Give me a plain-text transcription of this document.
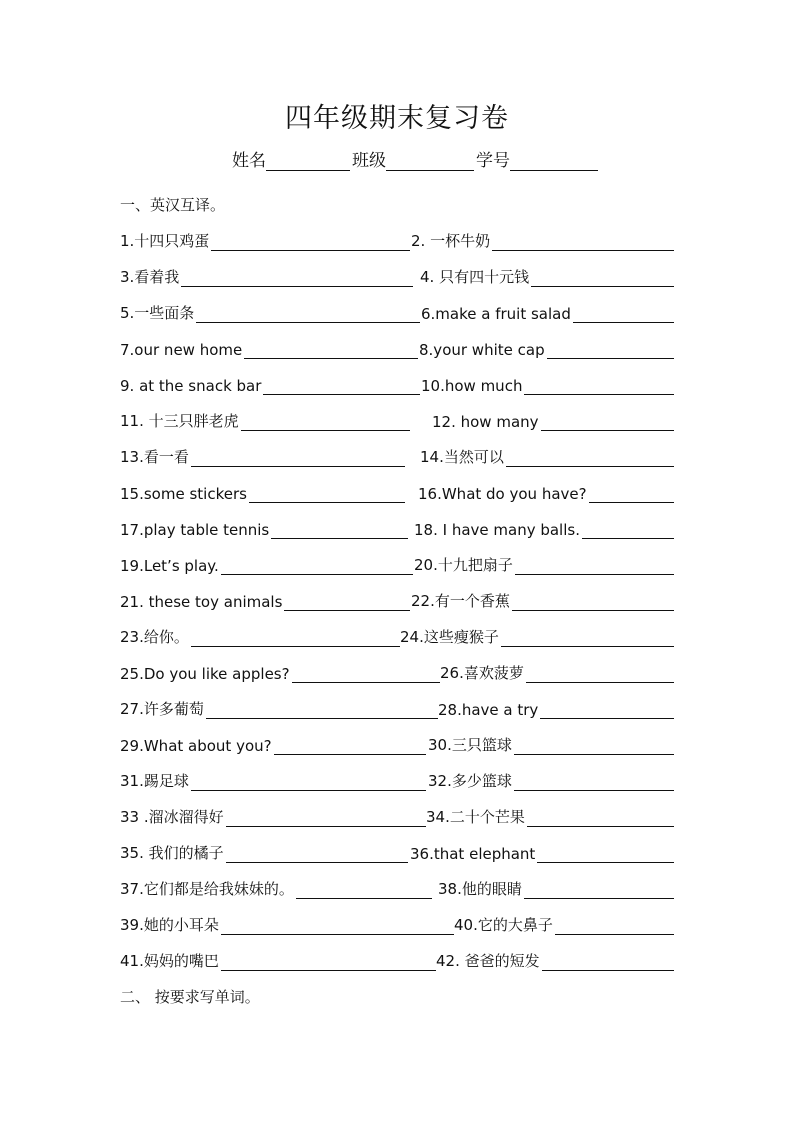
四年级期末复习卷
姓名	班级	学号
一、英汉互译。
1.十四只鸡蛋	2. 一杯牛奶
3.看着我	4. 只有四十元钱
5.一些面条	6.make a fruit salad
7.our new home	8.your white cap
9. at the snack bar	10.how much
11. 十三只胖老虎	12. how many
13.看一看	14.当然可以
15.some stickers	16.What do you have?
17.play table tennis	18. I have many balls.
19.Let’s play.	20.十九把扇子
21. these toy animals	22.有一个香蕉
23.给你。	24.这些瘦猴子
25.Do you like apples?	26.喜欢菠萝
27.许多葡萄	28.have a try
29.What about you?	30.三只篮球
31.踢足球	32.多少篮球
33 .溜冰溜得好	34.二十个芒果
35. 我们的橘子	36.that elephant
37.它们都是给我妹妹的。	38.他的眼睛
39.她的小耳朵	40.它的大鼻子
41.妈妈的嘴巴	42. 爸爸的短发
二、 按要求写单词。
